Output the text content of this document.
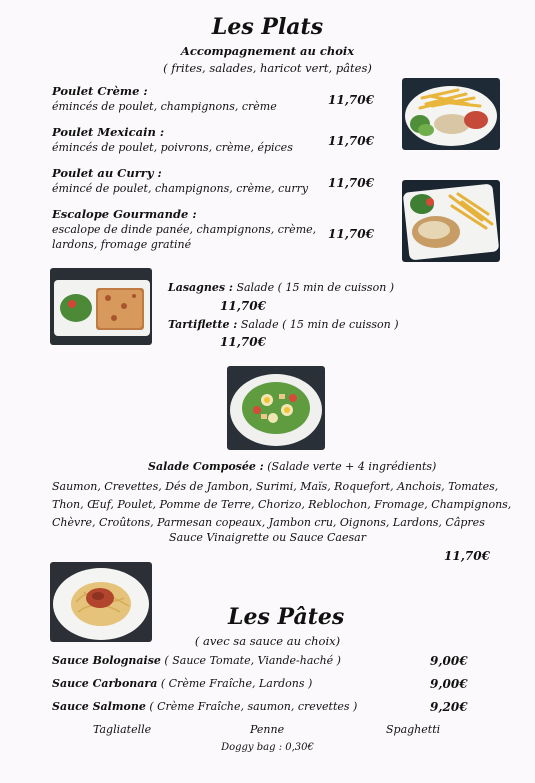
Les Plats
Accompagnement au choix
( frites, salades, haricot vert, pâtes)
Poulet Crème :
émincés de poulet, champignons, crème	11,70€
Poulet Mexicain :
émincés de poulet, poivrons, crème, épices	11,70€
Poulet au Curry :
émincé de poulet, champignons, crème, curry 11,70€
Escalope Gourmande :
escalope de dinde panée, champignons, crème,
lardons, fromage gratiné
11,70€
Lasagnes : Salade ( 15 min de cuisson )
11,70€
Tartiflette : Salade ( 15 min de cuisson )
11,70€
Salade Composée : (Salade verte + 4 ingrédients)
Saumon, Crevettes, Dés de Jambon, Surimi, Maïs, Roquefort, Anchois, Tomates,
Thon, Œuf, Poulet, Pomme de Terre, Chorizo, Reblochon, Fromage, Champignons,
Chèvre, Croûtons, Parmesan copeaux, Jambon cru, Oignons, Lardons, Câpres
Sauce Vinaigrette ou Sauce Caesar
11,70€
Les Pâtes
( avec sa sauce au choix)
Sauce Bolognaise ( Sauce Tomate, Viande-haché )	9,00€
Sauce Carbonara ( Crème Fraîche, Lardons )	9,00€
Sauce Salmone ( Crème Fraîche, saumon, crevettes )	9,20€
Tagliatelle	Penne	Spaghetti
Doggy bag : 0,30€
